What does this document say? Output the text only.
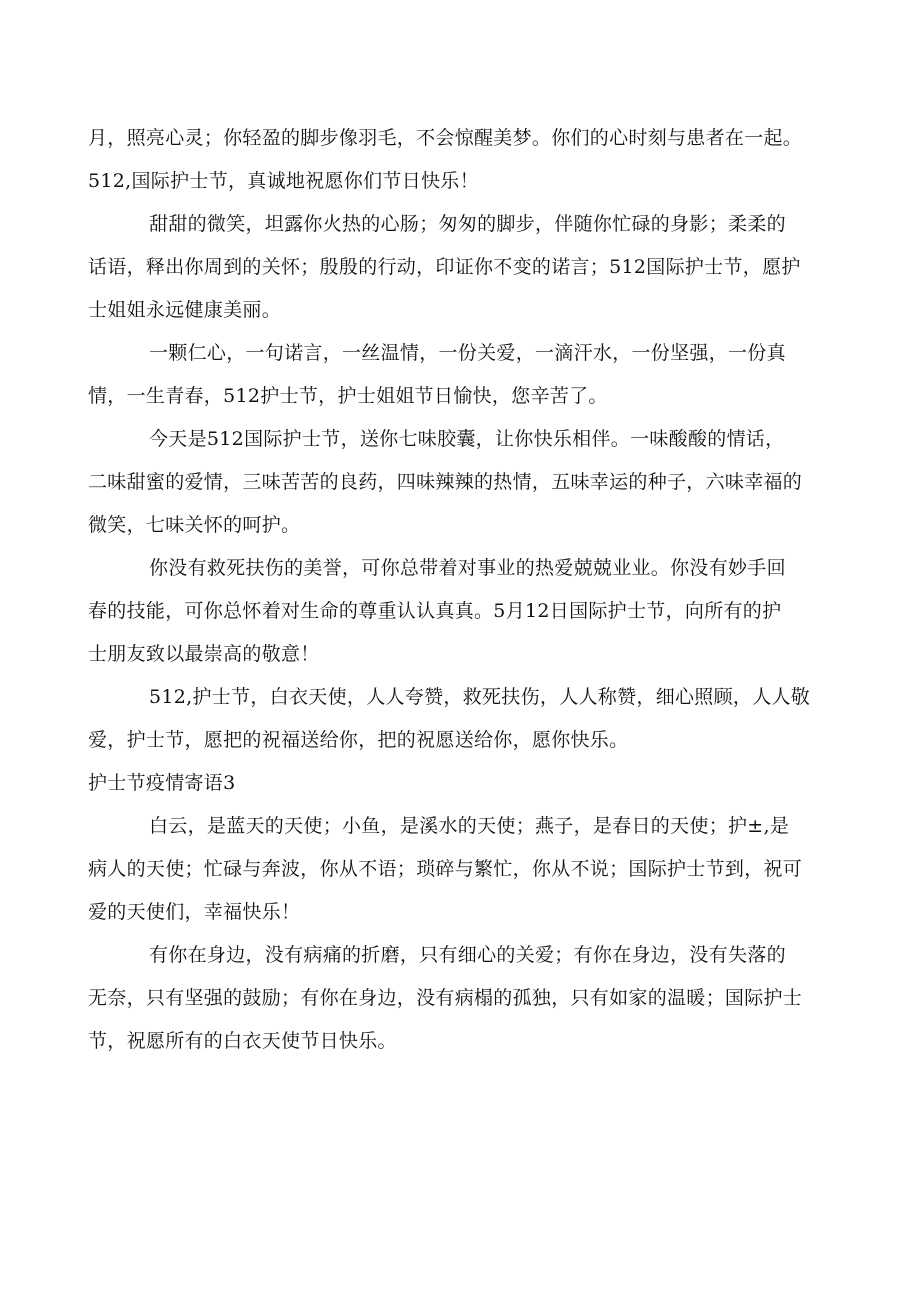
月，照亮心灵；你轻盈的脚步像羽毛，不会惊醒美梦。你们的心时刻与患者在一起。
512,国际护士节，真诚地祝愿你们节日快乐！

甜甜的微笑，坦露你火热的心肠；匆匆的脚步，伴随你忙碌的身影；柔柔的
话语，释出你周到的关怀；殷殷的行动，印证你不变的诺言；512国际护士节，愿护
士姐姐永远健康美丽。

一颗仁心，一句诺言，一丝温情，一份关爱，一滴汗水，一份坚强，一份真
情，一生青春，512护士节，护士姐姐节日愉快，您辛苦了。

今天是512国际护士节，送你七味胶囊，让你快乐相伴。一味酸酸的情话，
二味甜蜜的爱情，三味苦苦的良药，四味辣辣的热情，五味幸运的种子，六味幸福的
微笑，七味关怀的呵护。

你没有救死扶伤的美誉，可你总带着对事业的热爱兢兢业业。你没有妙手回
春的技能，可你总怀着对生命的尊重认认真真。5月12日国际护士节，向所有的护
士朋友致以最崇高的敬意！

512,护士节，白衣天使，人人夸赞，救死扶伤，人人称赞，细心照顾，人人敬
爱，护士节，愿把的祝福送给你，把的祝愿送给你，愿你快乐。

护士节疫情寄语3

白云，是蓝天的天使；小鱼，是溪水的天使；燕子，是春日的天使；护±,是
病人的天使；忙碌与奔波，你从不语；琐碎与繁忙，你从不说；国际护士节到，祝可
爱的天使们，幸福快乐！

有你在身边，没有病痛的折磨，只有细心的关爱；有你在身边，没有失落的
无奈，只有坚强的鼓励；有你在身边，没有病榻的孤独，只有如家的温暖；国际护士
节，祝愿所有的白衣天使节日快乐。
